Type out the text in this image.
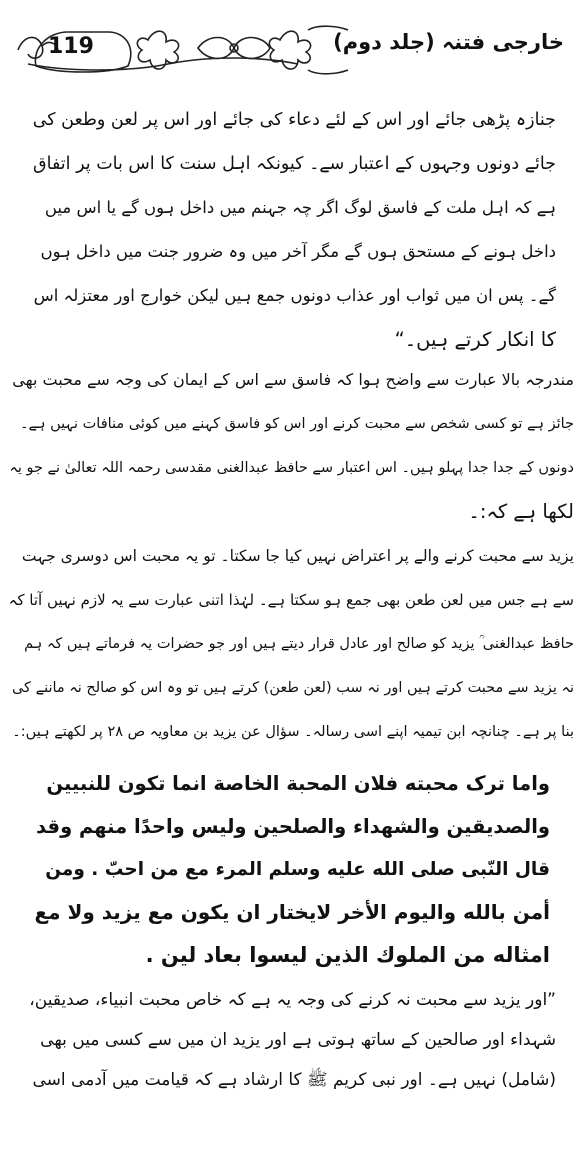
119	خارجی فتنہ (جلد دوم)

جنازہ پڑھی جائے اور اس کے لئے دعاء کی جائے اور اس پر لعن وطعن کی

جائے دونوں وجہوں کے اعتبار سے۔ کیونکہ اہل سنت کا اس بات پر اتفاق

ہے کہ اہل ملت کے فاسق لوگ اگر چہ جہنم میں داخل ہوں گے یا اس میں

داخل ہونے کے مستحق ہوں گے مگر آخر میں وہ ضرور جنت میں داخل ہوں

گے۔ پس ان میں ثواب اور عذاب دونوں جمع ہیں لیکن خوارج اور معتزلہ اس

کا انکار کرتے ہیں۔“

مندرجہ بالا عبارت سے واضح ہوا کہ فاسق سے اس کے ایمان کی وجہ سے محبت بھی

جائز ہے تو کسی شخص سے محبت کرنے اور اس کو فاسق کہنے میں کوئی منافات نہیں ہے۔

دونوں کے جدا جدا پہلو ہیں۔ اس اعتبار سے حافظ عبدالغنی مقدسی رحمہ اللہ تعالیٰ نے جو یہ

لکھا ہے کہ:۔

یزید سے محبت کرنے والے پر اعتراض نہیں کیا جا سکتا۔ تو یہ محبت اس دوسری جہت

سے ہے جس میں لعن طعن بھی جمع ہو سکتا ہے۔ لہٰذا اتنی عبارت سے یہ لازم نہیں آتا کہ

حافظ عبدالغنی ؒ یزید کو صالح اور عادل قرار دیتے ہیں اور جو حضرات یہ فرماتے ہیں کہ ہم

نہ یزید سے محبت کرتے ہیں اور نہ سب (لعن طعن) کرتے ہیں تو وہ اس کو صالح نہ ماننے کی

بنا پر ہے۔ چنانچہ ابن تیمیہ اپنے اسی رسالہ۔ سؤال عن یزید بن معاویہ ص ۲۸ پر لکھتے ہیں:۔

واما ترک محبته فلان المحبة الخاصة انما تكون للنبيين

والصديقين والشهداء والصلحين وليس واحدًا منهم وقد

قال النّبى صلى الله عليه وسلم المرء مع من احبّ . ومن

أمن بالله واليوم الأخر لايختار ان يكون مع يزيد ولا مع

امثاله من الملوك الذين ليسوا بعاد لين .

”اور یزید سے محبت نہ کرنے کی وجہ یہ ہے کہ خاص محبت انبیاء، صدیقین،

شہداء اور صالحین کے ساتھ ہوتی ہے اور یزید ان میں سے کسی میں بھی

(شامل) نہیں ہے۔ اور نبی کریم ﷺ کا ارشاد ہے کہ قیامت میں آدمی اسی
